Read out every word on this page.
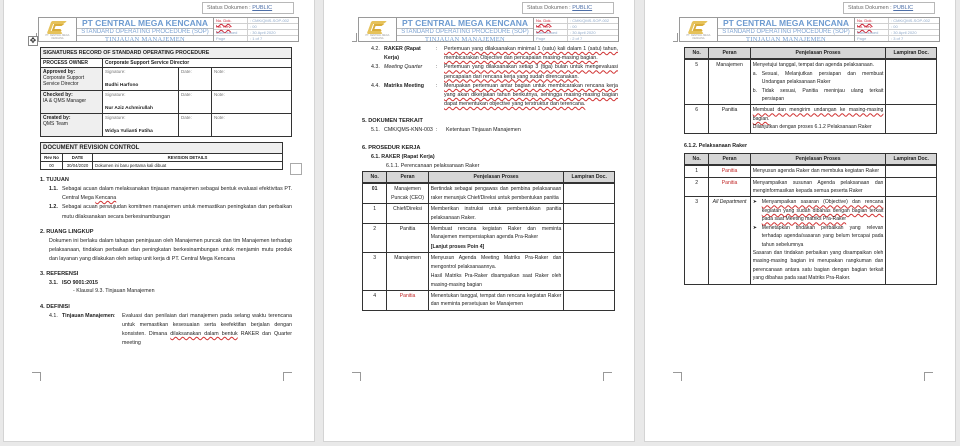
Status Dokumen : PUBLIC
PT. CENTRAL MEGA KENCANA
PT CENTRAL MEGA KENCANA
STANDARD OPERATING PROCEDURE (SOP)
TINJAUAN MANAJEMEN
No. Dok.	: CMK/QMS-SOP-002
No. Rev.	: 00
Date Issued	: 30 April 2020
Page	: 1 of 7
✥
SIGNATURES RECORD OF STANDARD OPERATING PROCEDURE			
PROCESS OWNER	Corporate Support Service Director		

Approved by:
Corporate Support Service Director

Signature:
Budhi Harfono
	Date:	Note:

Checked by:
IA & QMS Manager

Signature:
Nur Aziz Achmirullah
	Date:	Note:

Created by:
QMS Team

Signature:
Widya Yulianti Fatiha
	Date:	Note:
DOCUMENT REVISION CONTROL		
Rev No	DATE	REVISION DETAILS
00	30/04/2020	Dokumen ini baru pertama kali dibuat
1. TUJUAN
1.1. Sebagai acuan dalam melaksanakan tinjauan manajemen sebagai bentuk evaluasi efektivitas PT. Central Mega Kencana
1.2. Sebagai acuan perwujudan komitmen manajemen untuk memastikan peningkatan dan perbaikan mutu dilaksanakan secara berkesinambungan
2. RUANG LINGKUP
Dokumen ini berlaku dalam tahapan peninjauan oleh Manajemen puncak dan tim Manajemen terhadap pelaksanaan, tindakan perbaikan dan peningkatan berkesinambungan untuk menjamin mutu produk dan layanan yang dilakukan oleh setiap unit kerja di PT. Central Mega Kencana
3. REFERENSI
3.1. ISO 9001:2015
- Klausul 9.3. Tinjauan Manajemen
4. DEFINISI
4.1. Tinjauan Manajemen :	Evaluasi dan penilaian dari manajemen pada selang waktu terencana untuk memastikan kesesuaian serta keefektifan berjalan dengan konsisten. Dimana dilaksanakan dalam bentuk RAKER dan Quarter meeting
Status Dokumen : PUBLIC
PT. CENTRAL MEGA KENCANA
PT CENTRAL MEGA KENCANA
STANDARD OPERATING PROCEDURE (SOP)
TINJAUAN MANAJEMEN
No. Dok.	: CMK/QMS-SOP-002
No. Rev.	: 00
Date Issued	: 30 April 2020
Page	: 2 of 7
4.2. RAKER (Rapat Kerja)
:	Pertemuan yang dilaksanakan minimal 1 (satu) kali dalam 1 (satu) tahun, membicarakan Objective dan pencapaian masing-masing bagian.
4.3. Meeting Quarter	:	Pertemuan yang dilaksanakan setiap 3 (tiga) bulan untuk mengevaluasi pencapaian dari rencana kerja yang sudah direncanakan.
4.4. Matriks Meeting	:	Merupakan pertemuan antar bagian untuk membicarakan rencana kerja yang akan dikerjakan tahun berikutnya, sehingga masing-masing bagian dapat menentukan objective yang terstruktur dan terencana.
5. DOKUMEN TERKAIT
5.1. CMK/QMS-KNN-003 :	Ketentuan Tinjauan Manajemen
6. PROSEDUR KERJA
6.1. RAKER (Rapat Kerja)
6.1.1. Perencanaan pelaksanaan Raker
No.	Peran	Penjelasan Proses	Lampiran Doc.
01	Manajemen Puncak (CEO)	Bertindak sebagai pengawas dan pembina pelaksanaan raker menunjuk Chief/Direksi untuk pembentukan panitia	
1	Chief/Direksi	Memberikan instruksi untuk pembentukkan panitia pelaksanaan Raker.	
2	Panitia	Membuat rencana kegiatan Raker dan meminta Manajemen mempersiapkan agenda Pra-Raker
[Lanjut proses Poin 4]	

3	Manajemen	Menyusun Agenda Meeting Matriks Pra-Raker dan mengontrol pelaksanaannya.
Hasil Matriks Pra-Raker disampaikan saat Raker oleh masing-masing bagian	

4	Panitia	Menentukan tanggal, tempat dan rencana kegiatan Raker dan meminta persetujuan ke Manajemen	
Status Dokumen : PUBLIC
PT. CENTRAL MEGA KENCANA
PT CENTRAL MEGA KENCANA
STANDARD OPERATING PROCEDURE (SOP)
TINJAUAN MANAJEMEN
No. Dok.	: CMK/QMS-SOP-002
No. Rev.	: 00
Date Issued	: 30 April 2020
Page	: 3 of 7
No.	Peran	Penjelasan Proses	Lampiran Doc.
5	Manajemen	Menyetujui tanggal, tempat dan agenda pelaksanaan.
a. Sesuai, Melanjutkan persiapan dan membuat Undangan pelaksanaan Raker
b. Tidak sesuai, Panitia meninjau ulang terkait persiapan	

6	Panitia	Membuat dan mengirim undangan ke masing-masing bagian.
Dilanjutkan dengan proses 6.1.2 Pelaksanaan Raker	

6.1.2. Pelaksanaan Raker
No.	Peran	Penjelasan Proses	Lampiran Doc.
1	Panitia	Menyusun agenda Raker dan membuka kegiatan Raker	
2	Panitia	Menyampaikan susunan Agenda pelaksanaan dan menginformasikan kepada semua peserta Raker	
3	All Department	➤ Menyampaikan sasaran (Objective) dan rencana kegiatan yang sudah dibahas dengan bagian terkait pada saat Meeting matriks Pra-Raker
➤ Menetapkan tindakan perbaikan yang relevan terhadap agenda/sasaran yang belum tercapai pada tahun sebelumnya
Sasaran dan tindakan perbaikan yang disampaikan oleh masing-masing bagian ini merupakan rangkuman dan perencanaan antara satu bagian dengan bagian terkait yang dibahas pada saat Matriks Pra-Raker.	
